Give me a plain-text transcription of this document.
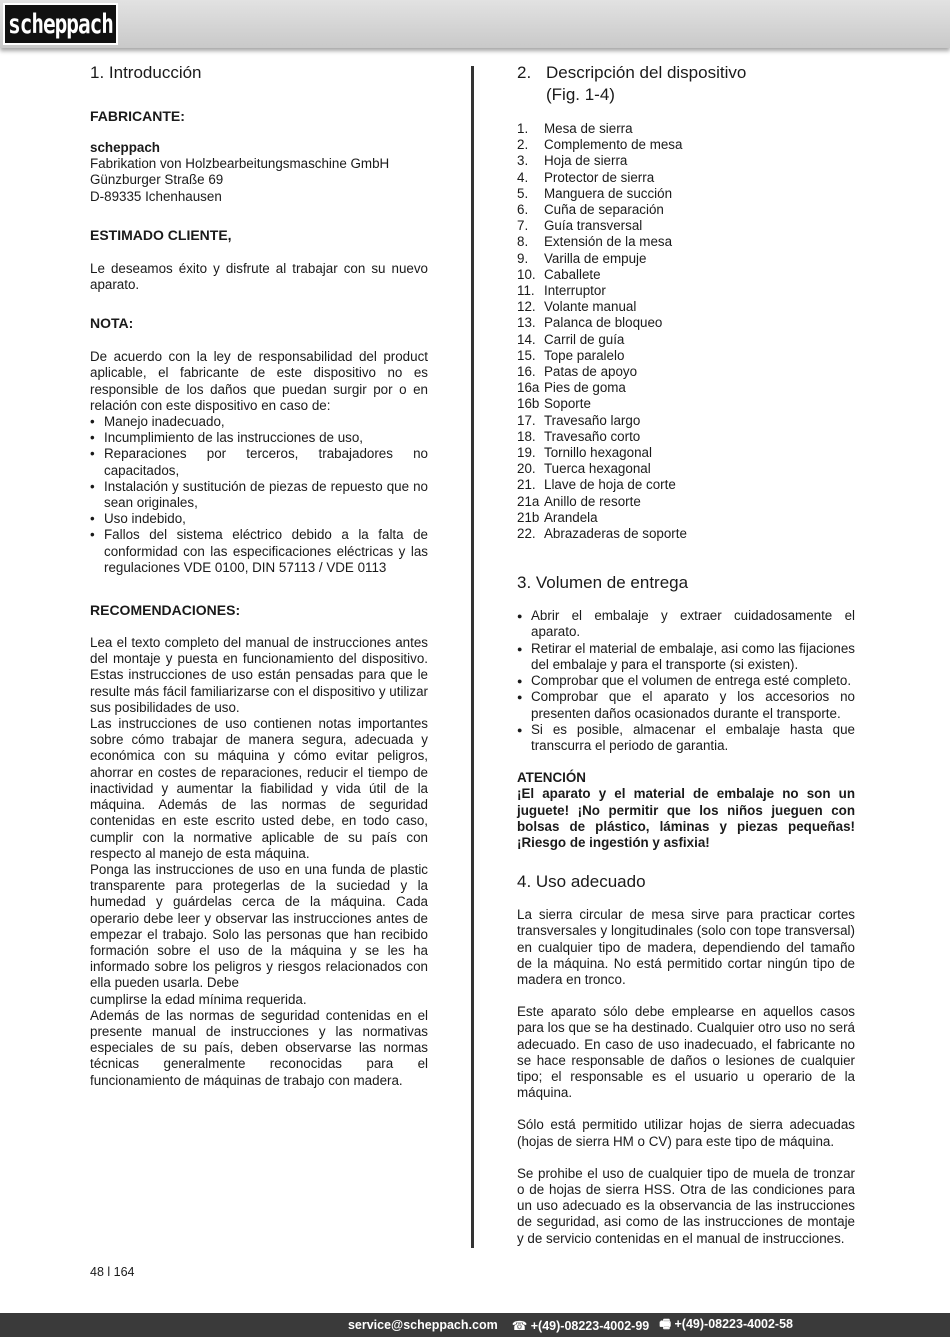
scheppach
1. Introducción
FABRICANTE:

scheppach

Fabrikation von Holzbearbeitungsmaschine GmbH

Günzburger Straße 69

D-89335 Ichenhausen

ESTIMADO CLIENTE,

Le deseamos éxito y disfrute al trabajar con su nuevo aparato.

NOTA:

De acuerdo con la ley de responsabilidad del product aplicable, el fabricante de este dispositivo no es responsible de los daños que puedan surgir por o en relación con este dispositivo en caso de:

• Manejo inadecuado,
• Incumplimiento de las instrucciones de uso,
• Reparaciones por terceros, trabajadores no capacitados,
• Instalación y sustitución de piezas de repuesto que no sean originales,
• Uso indebido,
• Fallos del sistema eléctrico debido a la falta de conformidad con las especificaciones eléctricas y las regulaciones VDE 0100, DIN 57113 / VDE 0113
RECOMENDACIONES:

Lea el texto completo del manual de instrucciones antes del montaje y puesta en funcionamiento del dispositivo. Estas instrucciones de uso están pensadas para que le resulte más fácil familiarizarse con el dispositivo y utilizar sus posibilidades de uso.

Las instrucciones de uso contienen notas importantes sobre cómo trabajar de manera segura, adecuada y económica con su máquina y cómo evitar peligros, ahorrar en costes de reparaciones, reducir el tiempo de inactividad y aumentar la fiabilidad y vida útil de la máquina. Además de las normas de seguridad contenidas en este escrito usted debe, en todo caso, cumplir con la normative aplicable de su país con respecto al manejo de esta máquina.

Ponga las instrucciones de uso en una funda de plastic transparente para protegerlas de la suciedad y la humedad y guárdelas cerca de la máquina. Cada operario debe leer y observar las instrucciones antes de empezar el trabajo. Solo las personas que han recibido formación sobre el uso de la máquina y se les ha informado sobre los peligros y riesgos relacionados con ella pueden usarla. Debe

cumplirse la edad mínima requerida.

Además de las normas de seguridad contenidas en el presente manual de instrucciones y las normativas especiales de su país, deben observarse las normas técnicas generalmente reconocidas para el funcionamiento de máquinas de trabajo con madera.

2. Descripción del dispositivo
(Fig. 1-4)
1.	Mesa de sierra
2.	Complemento de mesa
3.	Hoja de sierra
4.	Protector de sierra
5.	Manguera de succión
6.	Cuña de separación
7.	Guía transversal
8.	Extensión de la mesa
9.	Varilla de empuje
10. Caballete
11. Interruptor
12. Volante manual
13. Palanca de bloqueo
14. Carril de guía
15. Tope paralelo
16. Patas de apoyo
16a Pies de goma
16b Soporte
17. Travesaño largo
18. Travesaño corto
19. Tornillo hexagonal
20. Tuerca hexagonal
21. Llave de hoja de corte
21a Anillo de resorte
21b Arandela
22. Abrazaderas de soporte
3. Volumen de entrega
● Abrir el embalaje y extraer cuidadosamente el aparato.
● Retirar el material de embalaje, asi como las fijaciones del embalaje y para el transporte (si existen).
● Comprobar que el volumen de entrega esté completo.
● Comprobar que el aparato y los accesorios no presenten daños ocasionados durante el transporte.
● Si es posible, almacenar el embalaje hasta que transcurra el periodo de garantia.

ATENCIÓN

¡El aparato y el material de embalaje no son un juguete! ¡No permitir que los niños jueguen con bolsas de plástico, láminas y piezas pequeñas! ¡Riesgo de ingestión y asfixia!

4. Uso adecuado

La sierra circular de mesa sirve para practicar cortes transversales y longitudinales (solo con tope transversal) en cualquier tipo de madera, dependiendo del tamaño de la máquina. No está permitido cortar ningún tipo de madera en tronco.

Este aparato sólo debe emplearse en aquellos casos para los que se ha destinado. Cualquier otro uso no será adecuado. En caso de uso inadecuado, el fabricante no se hace responsable de daños o lesiones de cualquier tipo; el responsable es el usuario u operario de la máquina.

Sólo está permitido utilizar hojas de sierra adecuadas (hojas de sierra HM o CV) para este tipo de máquina.

Se prohibe el uso de cualquier tipo de muela de tronzar o de hojas de sierra HSS. Otra de las condiciones para un uso adecuado es la observancia de las instrucciones de seguridad, asi como de las instrucciones de montaje y de servicio contenidas en el manual de instrucciones.

48 l 164
service@scheppach.com ☎ +(49)-08223-4002-99 🖷 +(49)-08223-4002-58
